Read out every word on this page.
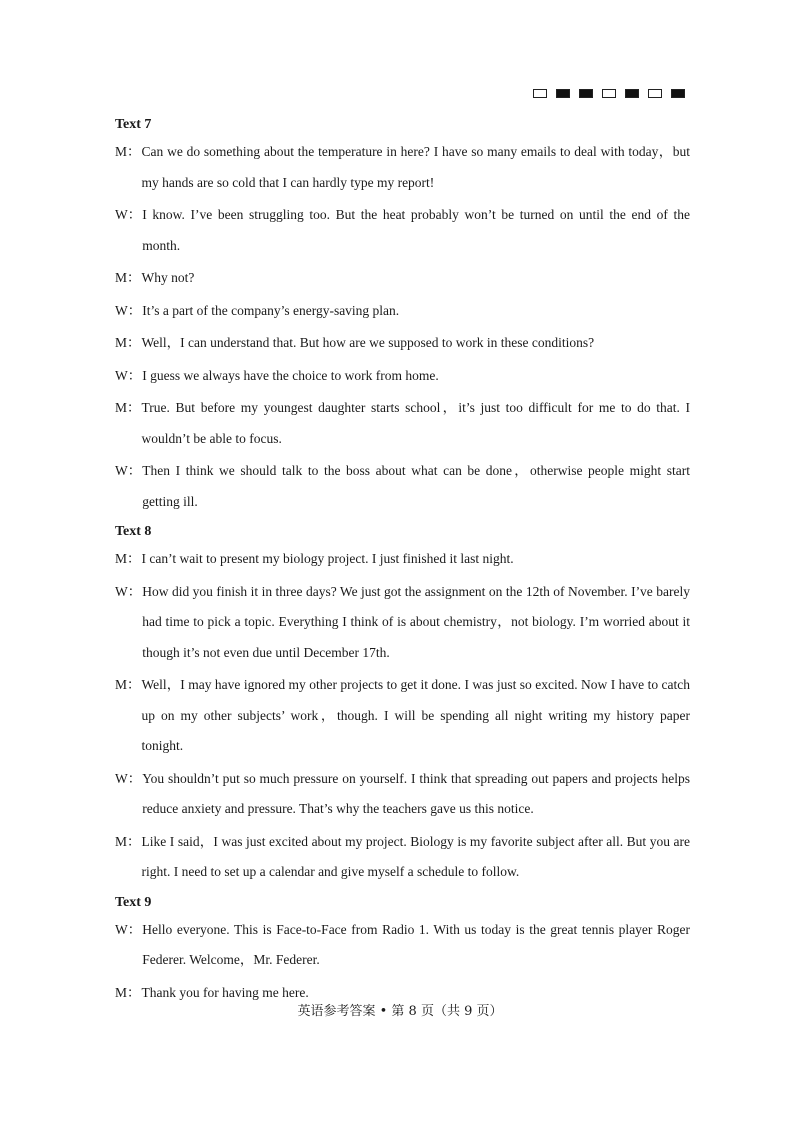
Text 7
M： Can we do something about the temperature in here? I have so many emails to deal with today，but my hands are so cold that I can hardly type my report!
W： I know. I’ve been struggling too. But the heat probably won’t be turned on until the end of the month.
M： Why not?
W： It’s a part of the company’s energy-saving plan.
M： Well，I can understand that. But how are we supposed to work in these conditions?
W： I guess we always have the choice to work from home.
M： True. But before my youngest daughter starts school，it’s just too difficult for me to do that. I wouldn’t be able to focus.
W： Then I think we should talk to the boss about what can be done，otherwise people might start getting ill.
Text 8
M： I can’t wait to present my biology project. I just finished it last night.
W： How did you finish it in three days? We just got the assignment on the 12th of November. I’ve barely had time to pick a topic. Everything I think of is about chemistry，not biology. I’m worried about it though it’s not even due until December 17th.
M： Well，I may have ignored my other projects to get it done. I was just so excited. Now I have to catch up on my other subjects’ work，though. I will be spending all night writing my history paper tonight.
W： You shouldn’t put so much pressure on yourself. I think that spreading out papers and projects helps reduce anxiety and pressure. That’s why the teachers gave us this notice.
M： Like I said，I was just excited about my project. Biology is my favorite subject after all. But you are right. I need to set up a calendar and give myself a schedule to follow.
Text 9
W： Hello everyone. This is Face-to-Face from Radio 1. With us today is the great tennis player Roger Federer. Welcome，Mr. Federer.
M： Thank you for having me here.
英语参考答案 • 第 8 页（共 9 页）
